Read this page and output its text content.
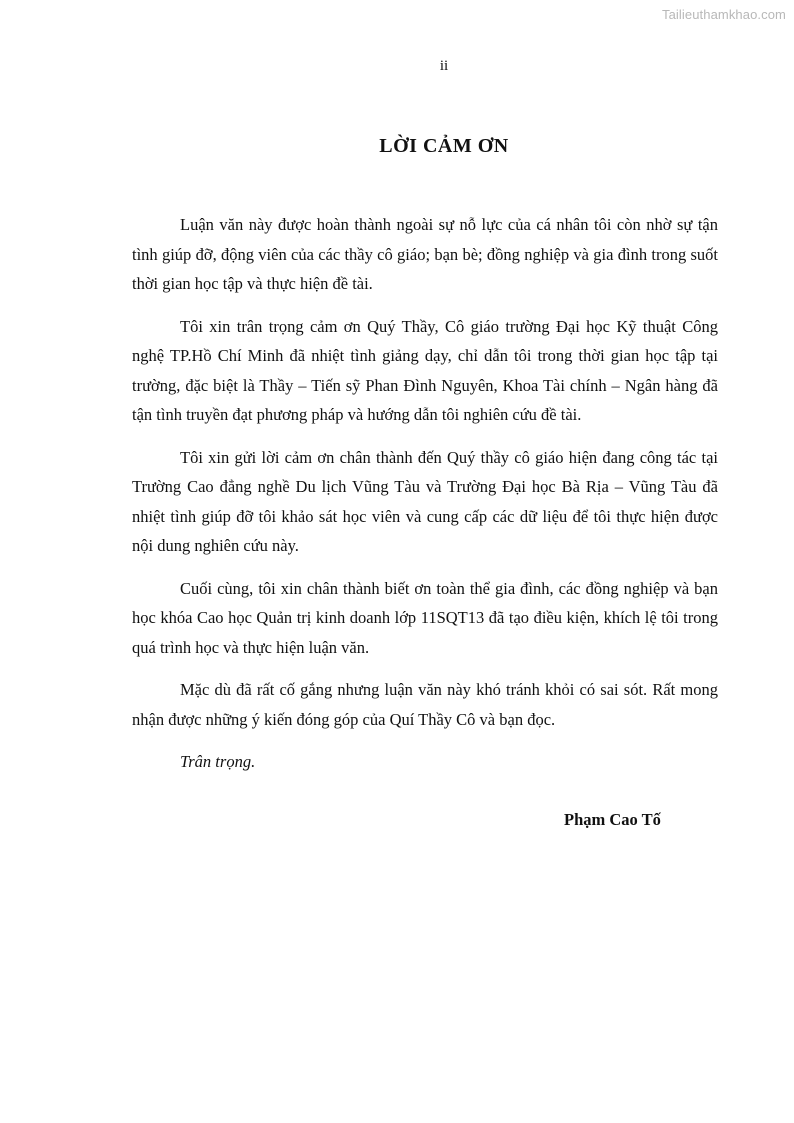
Tailieuthamkhao.com
ii
LỜI CẢM ƠN

Luận văn này được hoàn thành ngoài sự nỗ lực của cá nhân tôi còn nhờ sự tận tình giúp đỡ, động viên của các thầy cô giáo; bạn bè; đồng nghiệp và gia đình trong suốt thời gian học tập và thực hiện đề tài.

Tôi xin trân trọng cảm ơn Quý Thầy, Cô giáo trường Đại học Kỹ thuật Công nghệ TP.Hồ Chí Minh đã nhiệt tình giảng dạy, chỉ dẫn tôi trong thời gian học tập tại trường, đặc biệt là Thầy – Tiến sỹ Phan Đình Nguyên, Khoa Tài chính – Ngân hàng đã tận tình truyền đạt phương pháp và hướng dẫn tôi nghiên cứu đề tài.

Tôi xin gửi lời cảm ơn chân thành đến Quý thầy cô giáo hiện đang công tác tại Trường Cao đẳng nghề Du lịch Vũng Tàu và Trường Đại học Bà Rịa – Vũng Tàu đã nhiệt tình giúp đỡ tôi khảo sát học viên và cung cấp các dữ liệu để tôi thực hiện được nội dung nghiên cứu này.

Cuối cùng, tôi xin chân thành biết ơn toàn thể gia đình, các đồng nghiệp và bạn học khóa Cao học Quản trị kinh doanh lớp 11SQT13 đã tạo điều kiện, khích lệ tôi trong quá trình học và thực hiện luận văn.

Mặc dù đã rất cố gắng nhưng luận văn này khó tránh khỏi có sai sót. Rất mong nhận được những ý kiến đóng góp của Quí Thầy Cô và bạn đọc.

Trân trọng.

Phạm Cao Tố
